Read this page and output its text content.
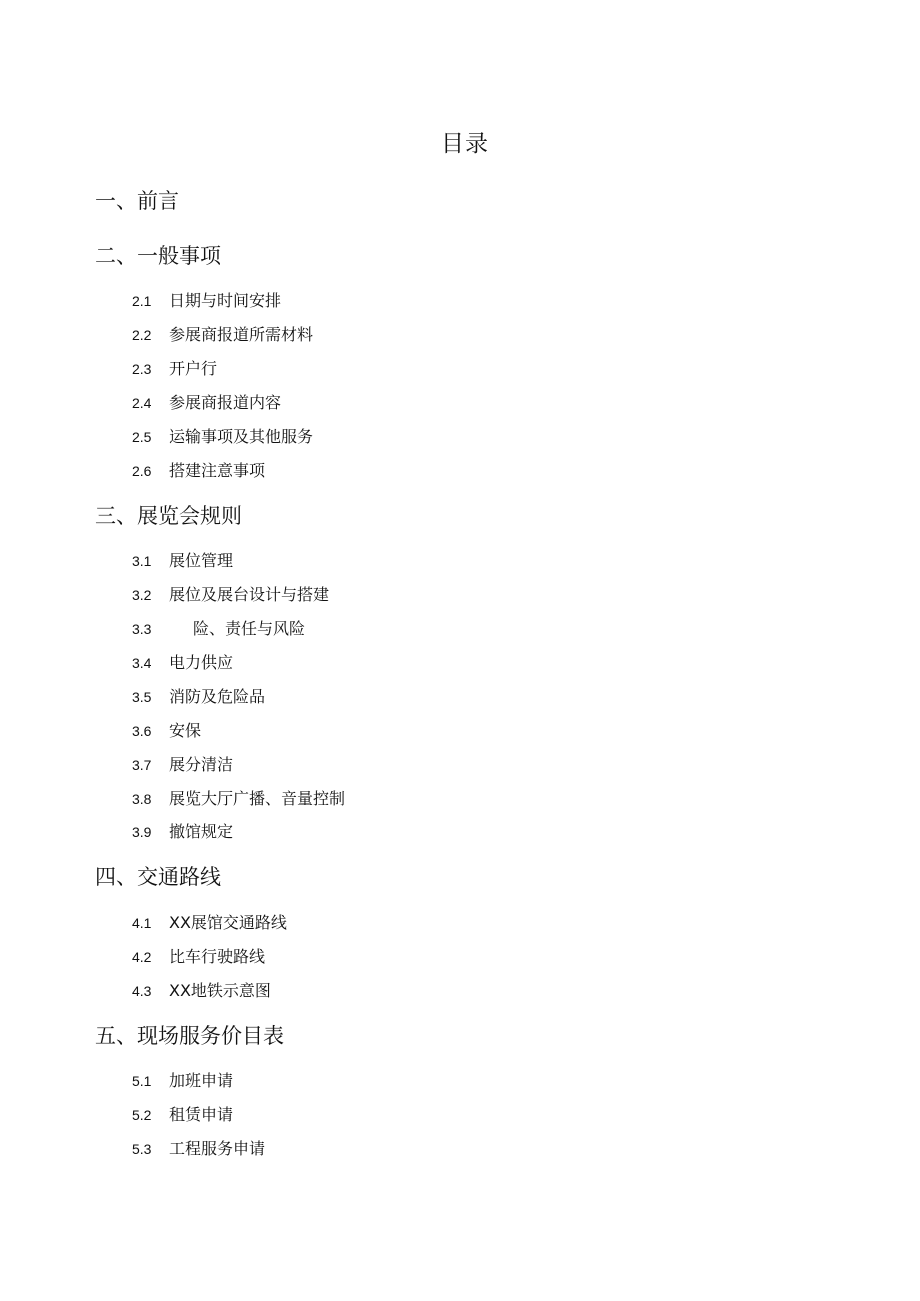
目录
一、前言
二、一般事项
2.1 日期与时间安排
2.2 参展商报道所需材料
2.3 开户行
2.4 参展商报道内容
2.5 运输事项及其他服务
2.6 搭建注意事项
三、展览会规则
3.1 展位管理
3.2 展位及展台设计与搭建
3.3	险、责任与风险
3.4 电力供应
3.5 消防及危险品
3.6 安保
3.7 展分清洁
3.8 展览大厅广播、音量控制
3.9 撤馆规定
四、交通路线
4.1 XX展馆交通路线
4.2 比车行驶路线
4.3 XX地铁示意图
五、现场服务价目表
5.1 加班申请
5.2 租赁申请
5.3 工程服务申请
